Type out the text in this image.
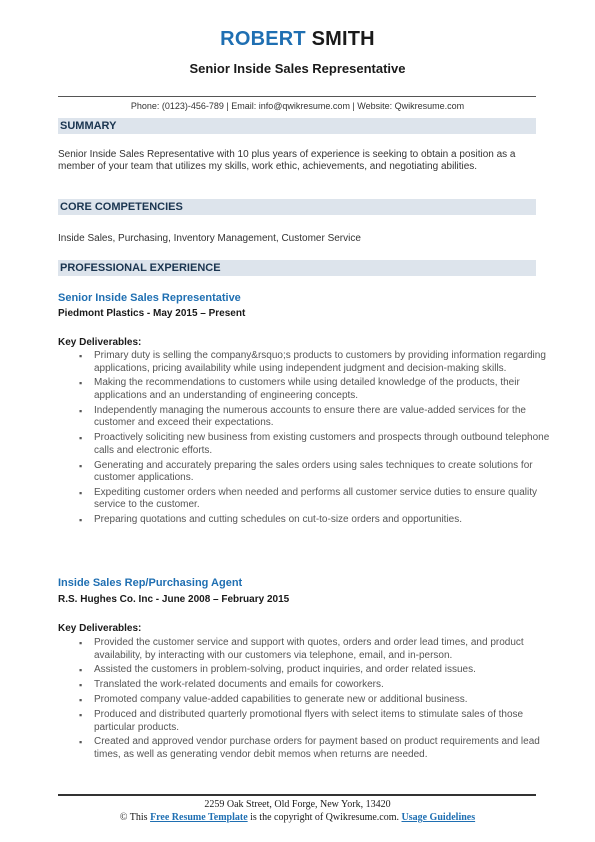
ROBERT SMITH
Senior Inside Sales Representative
Phone: (0123)-456-789 | Email: info@qwikresume.com | Website: Qwikresume.com
SUMMARY
Senior Inside Sales Representative with 10 plus years of experience is seeking to obtain a position as a member of your team that utilizes my skills, work ethic, achievements, and negotiating abilities.
CORE COMPETENCIES
Inside Sales, Purchasing, Inventory Management, Customer Service
PROFESSIONAL EXPERIENCE
Senior Inside Sales Representative
Piedmont Plastics - May 2015 – Present
Key Deliverables:
▪ Primary duty is selling the company&rsquo;s products to customers by providing information regarding applications, pricing availability while using independent judgment and decision-making skills.
▪ Making the recommendations to customers while using detailed knowledge of the products, their applications and an understanding of engineering concepts.
▪ Independently managing the numerous accounts to ensure there are value-added services for the customer and exceed their expectations.
▪ Proactively soliciting new business from existing customers and prospects through outbound telephone calls and electronic efforts.
▪ Generating and accurately preparing the sales orders using sales techniques to create solutions for customer applications.
▪ Expediting customer orders when needed and performs all customer service duties to ensure quality service to the customer.
▪ Preparing quotations and cutting schedules on cut-to-size orders and opportunities.
Inside Sales Rep/Purchasing Agent
R.S. Hughes Co. Inc - June 2008 – February 2015
Key Deliverables:
▪ Provided the customer service and support with quotes, orders and order lead times, and product availability, by interacting with our customers via telephone, email, and in-person.
▪ Assisted the customers in problem-solving, product inquiries, and order related issues.
▪ Translated the work-related documents and emails for coworkers.
▪ Promoted company value-added capabilities to generate new or additional business.
▪ Produced and distributed quarterly promotional flyers with select items to stimulate sales of those particular products.
▪ Created and approved vendor purchase orders for payment based on product requirements and lead times, as well as generating vendor debit memos when returns are needed.
2259 Oak Street, Old Forge, New York, 13420
© This Free Resume Template is the copyright of Qwikresume.com. Usage Guidelines
